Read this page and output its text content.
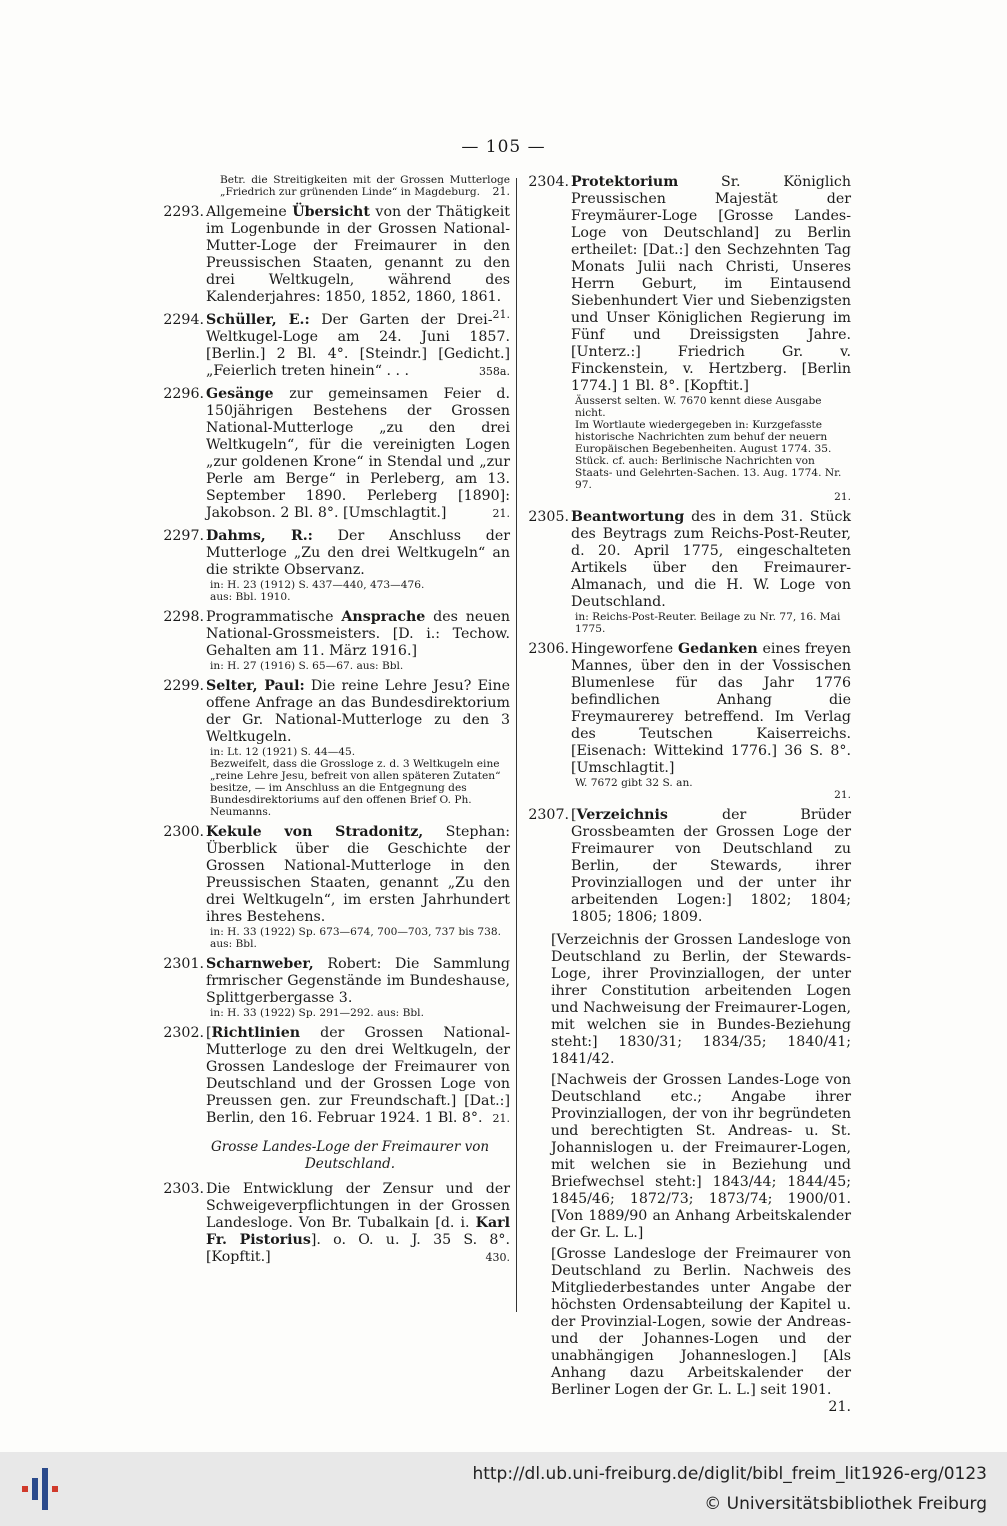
— 105 —
Betr. die Streitigkeiten mit der Grossen Mutterloge „Friedrich zur grünenden Linde“ in Magdeburg. 21.
2293. Allgemeine Übersicht von der Thätigkeit im Logenbunde in der Grossen National-Mutter-Loge der Freimaurer in den Preussischen Staaten, genannt zu den drei Weltkugeln, während des Kalenderjahres: 1850, 1852, 1860, 1861.
21.
2294. Schüller, E.: Der Garten der Drei-Weltkugel-Loge am 24. Juni 1857. [Berlin.] 2 Bl. 4°. [Steindr.] [Gedicht.] „Feierlich treten hinein“ . . .	358a.
2296. Gesänge zur gemeinsamen Feier d. 150jährigen Bestehens der Grossen National-Mutterloge „zu den drei Weltkugeln“, für die vereinigten Logen „zur goldenen Krone“ in Stendal und „zur Perle am Berge“ in Perleberg, am 13. September 1890. Perleberg [1890]: Jakobson. 2 Bl. 8°. [Umschlagtit.]	21.
2297. Dahms, R.: Der Anschluss der Mutterloge „Zu den drei Weltkugeln“ an die strikte Observanz.
in: H. 23 (1912) S. 437—440, 473—476.
aus: Bbl. 1910.
2298. Programmatische Ansprache des neuen National-Grossmeisters. [D. i.: Techow. Gehalten am 11. März 1916.]
in: H. 27 (1916) S. 65—67. aus: Bbl.
2299. Selter, Paul: Die reine Lehre Jesu? Eine offene Anfrage an das Bundesdirektorium der Gr. National-Mutterloge zu den 3 Weltkugeln.
in: Lt. 12 (1921) S. 44—45.
Bezweifelt, dass die Grossloge z. d. 3 Weltkugeln eine „reine Lehre Jesu, befreit von allen späteren Zutaten“ besitze, — im Anschluss an die Entgegnung des Bundesdirektoriums auf den offenen Brief O. Ph. Neumanns.
2300. Kekule von Stradonitz, Stephan: Überblick über die Geschichte der Grossen National-Mutterloge in den Preussischen Staaten, genannt „Zu den drei Weltkugeln“, im ersten Jahrhundert ihres Bestehens.
in: H. 33 (1922) Sp. 673—674, 700—703, 737 bis 738. aus: Bbl.
2301. Scharnweber, Robert: Die Sammlung frmrischer Gegenstände im Bundeshause, Splittgerbergasse 3.
in: H. 33 (1922) Sp. 291—292. aus: Bbl.
2302. [Richtlinien der Grossen National-Mutterloge zu den drei Weltkugeln, der Grossen Landesloge der Freimaurer von Deutschland und der Grossen Loge von Preussen gen. zur Freundschaft.] [Dat.:] Berlin, den 16. Februar 1924. 1 Bl. 8°. 21.
Grosse Landes-Loge der Freimaurer von Deutschland.
2303. Die Entwicklung der Zensur und der Schweigeverpflichtungen in der Grossen Landesloge. Von Br. Tubalkain [d. i. Karl Fr. Pistorius]. o. O. u. J. 35 S. 8°. [Kopftit.]	430.
2304. Protektorium Sr. Königlich Preussischen Majestät der Freymäurer-Loge [Grosse Landes-Loge von Deutschland] zu Berlin ertheilet: [Dat.:] den Sechzehnten Tag Monats Julii nach Christi, Unseres Herrn Geburt, im Eintausend Siebenhundert Vier und Siebenzigsten und Unser Königlichen Regierung im Fünf und Dreissigsten Jahre. [Unterz.:] Friedrich Gr. v. Finckenstein, v. Hertzberg. [Berlin 1774.] 1 Bl. 8°. [Kopftit.]
Äusserst selten. W. 7670 kennt diese Ausgabe nicht.
Im Wortlaute wiedergegeben in: Kurzgefasste historische Nachrichten zum behuf der neuern Europäischen Begebenheiten. August 1774. 35. Stück. cf. auch: Berlinische Nachrichten von Staats- und Gelehrten-Sachen. 13. Aug. 1774. Nr. 97.
21.
2305. Beantwortung des in dem 31. Stück des Beytrags zum Reichs-Post-Reuter, d. 20. April 1775, eingeschalteten Artikels über den Freimaurer-Almanach, und die H. W. Loge von Deutschland.
in: Reichs-Post-Reuter. Beilage zu Nr. 77, 16. Mai 1775.
2306. Hingeworfene Gedanken eines freyen Mannes, über den in der Vossischen Blumenlese für das Jahr 1776 befindlichen Anhang die Freymaurerey betreffend. Im Verlag des Teutschen Kaiserreichs. [Eisenach: Wittekind 1776.] 36 S. 8°. [Umschlagtit.]
W. 7672 gibt 32 S. an.
21.
2307. [Verzeichnis der Brüder Grossbeamten der Grossen Loge der Freimaurer von Deutschland zu Berlin, der Stewards, ihrer Provinziallogen und der unter ihr arbeitenden Logen:] 1802; 1804; 1805; 1806; 1809.
[Verzeichnis der Grossen Landesloge von Deutschland zu Berlin, der Stewards-Loge, ihrer Provinziallogen, der unter ihrer Constitution arbeitenden Logen und Nachweisung der Freimaurer-Logen, mit welchen sie in Bundes-Beziehung steht:] 1830/31; 1834/35; 1840/41; 1841/42.
[Nachweis der Grossen Landes-Loge von Deutschland etc.; Angabe ihrer Provinziallogen, der von ihr begründeten und berechtigten St. Andreas- u. St. Johannislogen u. der Freimaurer-Logen, mit welchen sie in Beziehung und Briefwechsel steht:] 1843/44; 1844/45; 1845/46; 1872/73; 1873/74; 1900/01. [Von 1889/90 an Anhang Arbeitskalender der Gr. L. L.]
[Grosse Landesloge der Freimaurer von Deutschland zu Berlin. Nachweis des Mitgliederbestandes unter Angabe der höchsten Ordensabteilung der Kapitel u. der Provinzial-Logen, sowie der Andreas- und der Johannes-Logen und der unabhängigen Johanneslogen.] [Als Anhang dazu Arbeitskalender der Berliner Logen der Gr. L. L.] seit 1901.
21.
http://dl.ub.uni-freiburg.de/diglit/bibl_freim_lit1926-erg/0123
© Universitätsbibliothek Freiburg
